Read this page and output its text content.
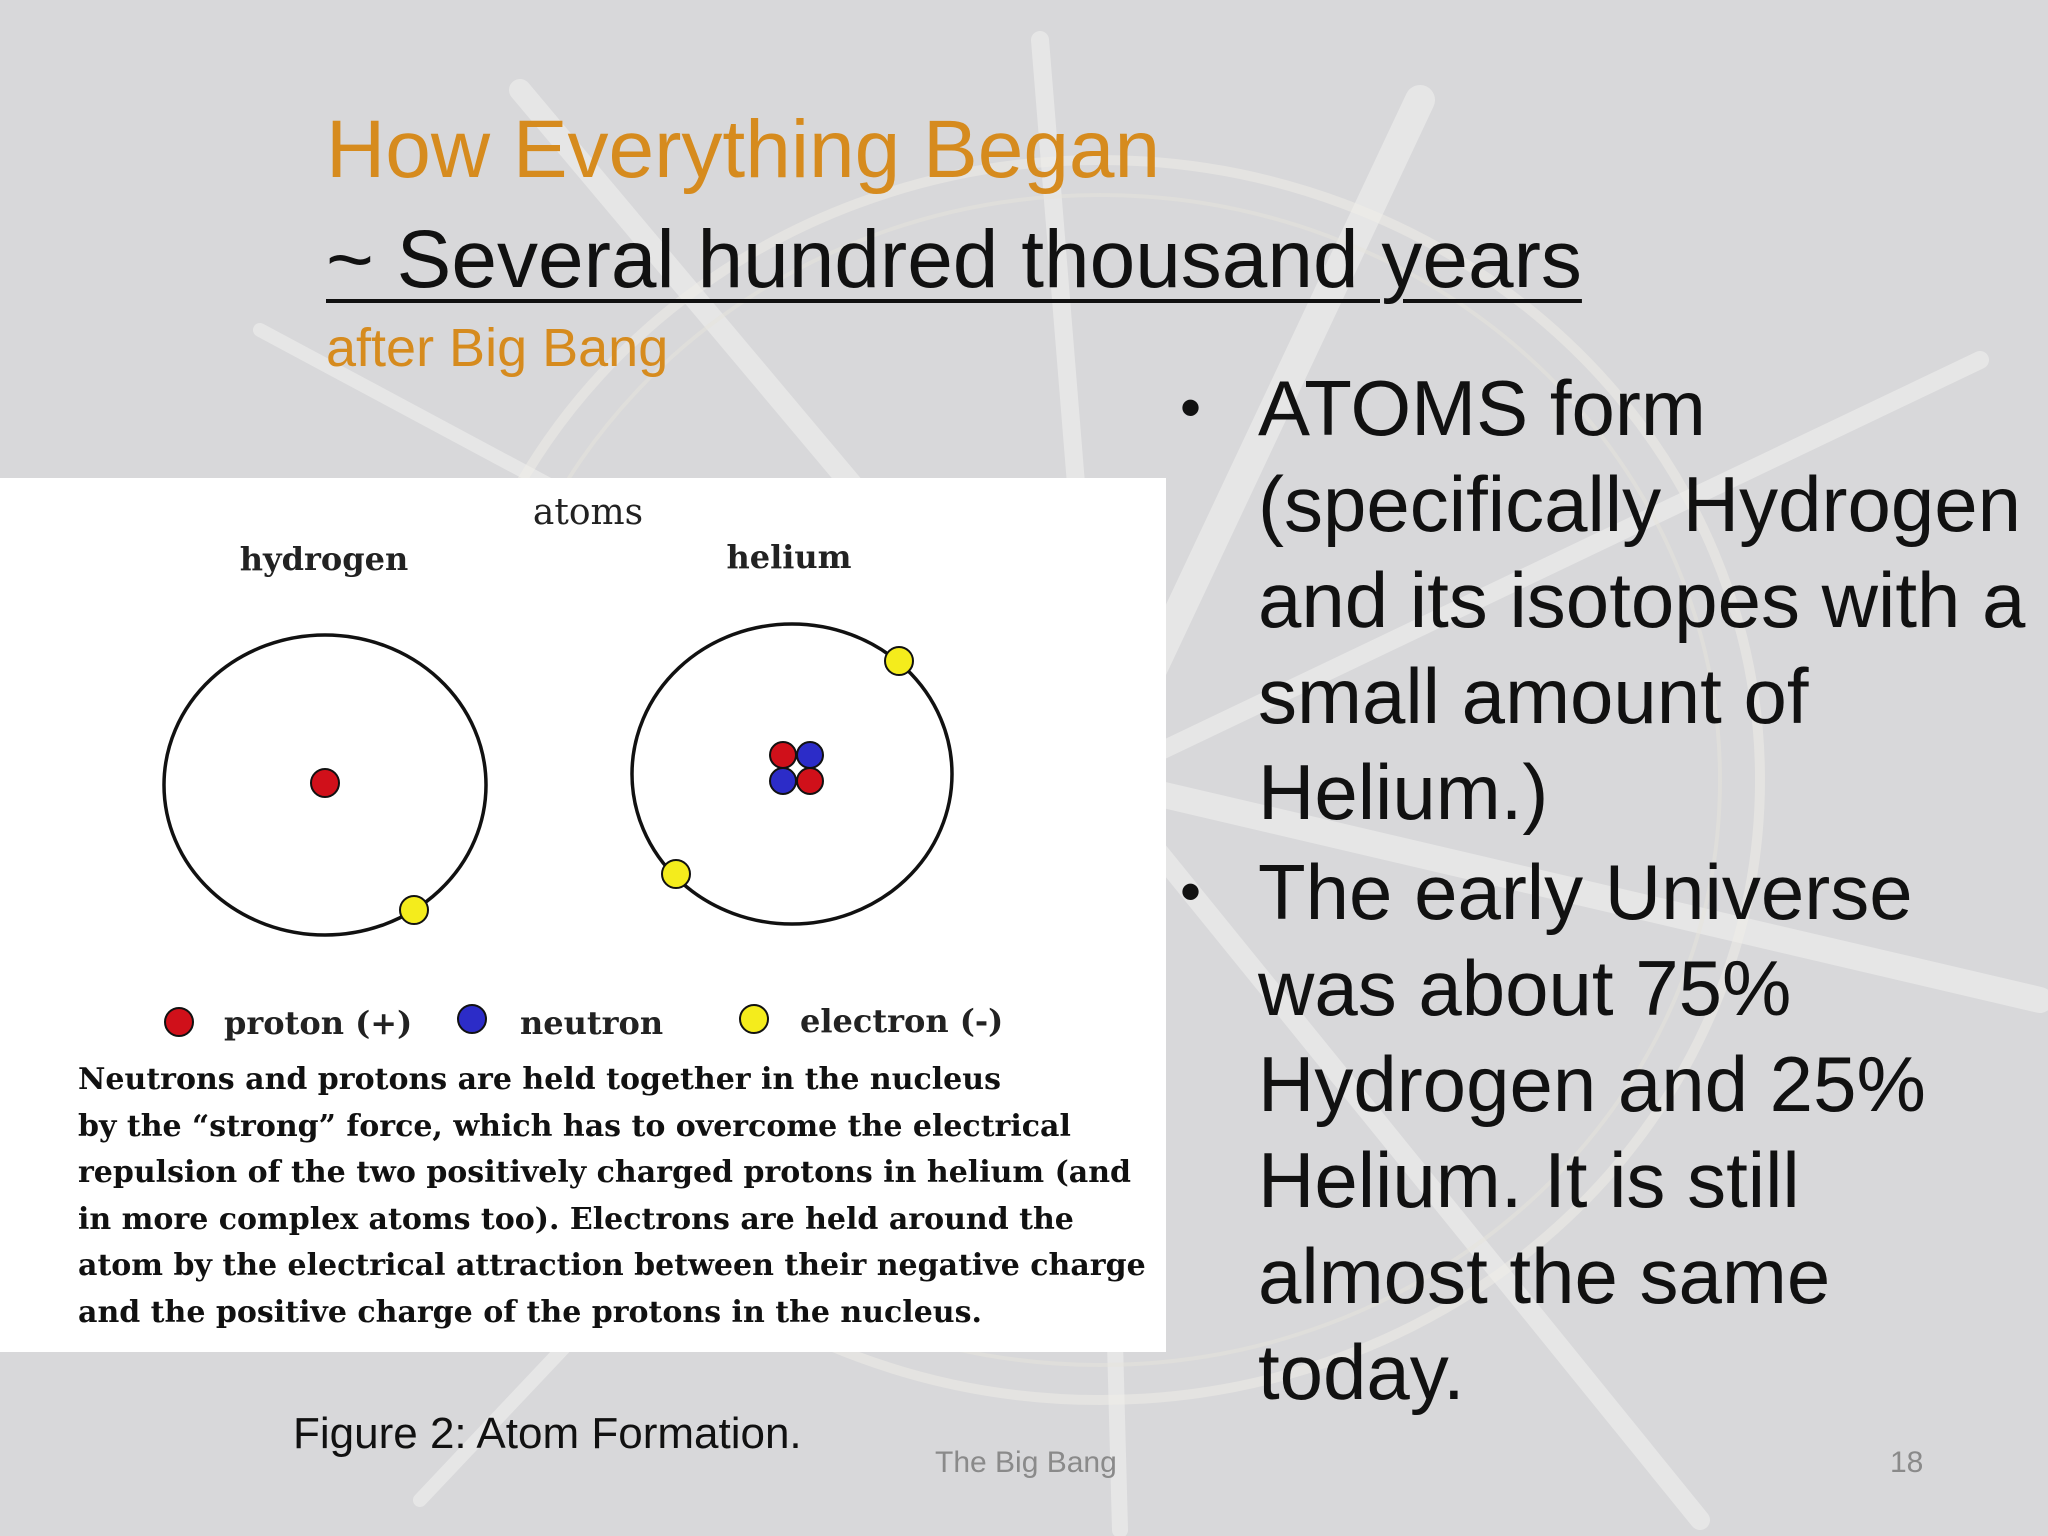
How Everything Began
~ Several hundred thousand years
after Big Bang
atoms
hydrogen	helium
proton (+)	neutron	electron (-)
Neutrons and protons are held together in the nucleus
by the “strong” force, which has to overcome the electrical
repulsion of the two positively charged protons in helium (and
in more complex atoms too). Electrons are held around the
atom by the electrical attraction between their negative charge
and the positive charge of the protons in the nucleus.
Figure 2: Atom Formation.
• ATOMS form (specifically Hydrogen and its isotopes with a small amount of Helium.)
• The early Universe was about 75% Hydrogen and 25% Helium. It is still almost the same today.
The Big Bang	18
